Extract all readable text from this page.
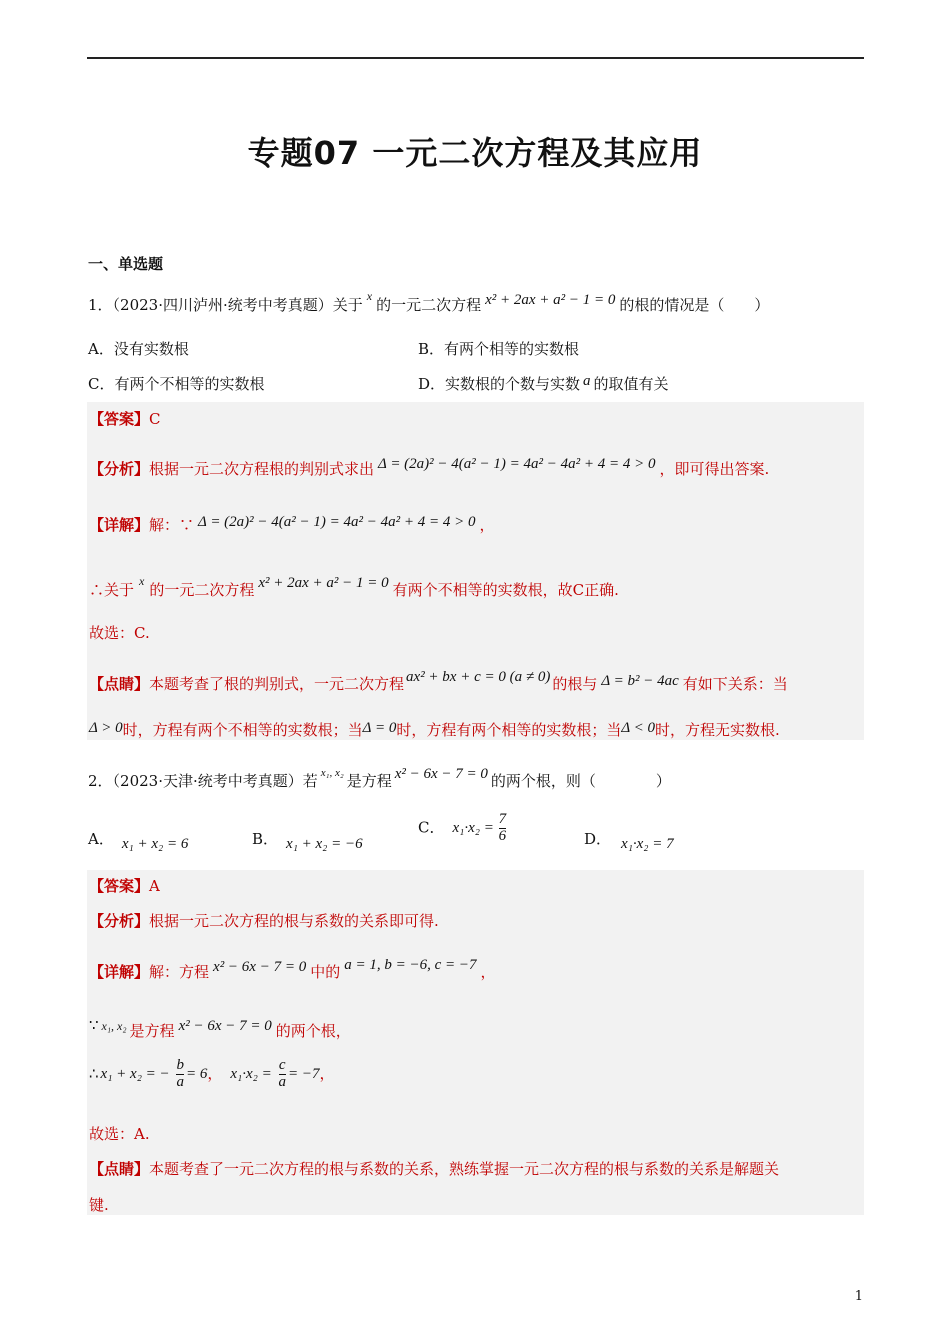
专题07 一元二次方程及其应用
一、单选题
1．（2023·四川泸州·统考中考真题）关于 $^x$ 的一元二次方程 x² + 2ax + a² − 1 = 0 的根的情况是（　　）
A．没有实数根	B．有两个相等的实数根
C．有两个不相等的实数根	D．实数根的个数与实数 a 的取值有关
【答案】C
【分析】根据一元二次方程根的判别式求出 Δ = (2a)² − 4(a² − 1) = 4a² − 4a² + 4 = 4 > 0 ，即可得出答案.
【详解】解：∵ Δ = (2a)² − 4(a² − 1) = 4a² − 4a² + 4 = 4 > 0 ，
∴关于 $^x$ 的一元二次方程 x² + 2ax + a² − 1 = 0 有两个不相等的实数根，故C正确.
故选：C.
【点睛】本题考查了根的判别式，一元二次方程 ax² + bx + c = 0 (a ≠ 0) 的根与 Δ = b² − 4ac 有如下关系：当
Δ > 0时，方程有两个不相等的实数根；当Δ = 0时，方程有两个相等的实数根；当Δ < 0时，方程无实数根.
2．（2023·天津·统考中考真题）若 $^{x_1, x_2}$ 是方程 x² − 6x − 7 = 0 的两个根，则（　　　　）
A． x₁ + x₂ = 6	B． x₁ + x₂ = −6
C． $x_1\cdot x_2 = \frac{7}{6}$	D． x₁·x₂ = 7
【答案】A
【分析】根据一元二次方程的根与系数的关系即可得.
【详解】解：方程 x² − 6x − 7 = 0 中的 a = 1, b = −6, c = −7 ，
∵ $^{x_1, x_2}$ 是方程 x² − 6x − 7 = 0 的两个根，
∴ x₁ + x₂ = − $\frac{b}{a} = 6$， $x_1\cdot x_2 = \frac{c}{a} = -7$，
故选：A.
【点睛】本题考查了一元二次方程的根与系数的关系，熟练掌握一元二次方程的根与系数的关系是解题关
键.
1
